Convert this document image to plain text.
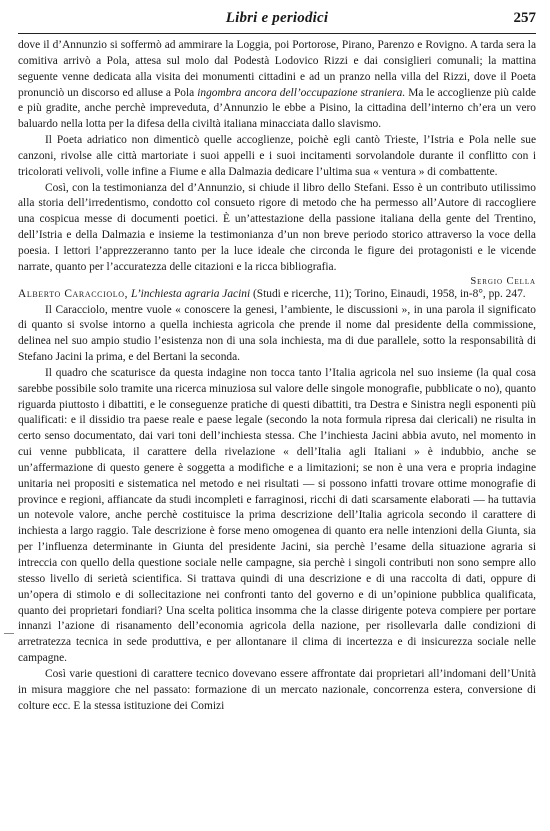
Libri e periodici	257

dove il d’Annunzio si soffermò ad ammirare la Loggia, poi Portorose, Pirano, Parenzo e Rovigno. A tarda sera la comitiva arrivò a Pola, attesa sul molo dal Podestà Lodovico Rizzi e dai consiglieri comunali; la mattina seguente venne dedicata alla visita dei monumenti cittadini e ad un pranzo nella villa del Rizzi, dove il Poeta pronunciò un discorso ed alluse a Pola ingombra ancora dell’occupazione straniera. Ma le accoglienze più calde e più gradite, anche perchè impreveduta, d’Annunzio le ebbe a Pisino, la cittadina dell’interno ch’era un vero baluardo nella lotta per la difesa della civiltà italiana minacciata dallo slavismo.

Il Poeta adriatico non dimenticò quelle accoglienze, poichè egli cantò Trieste, l’Istria e Pola nelle sue canzoni, rivolse alle città martoriate i suoi appelli e i suoi incitamenti sorvolandole durante il conflitto con i tricolorati velivoli, volle infine a Fiume e alla Dalmazia dedicare l’ultima sua « ventura » di combattente.

Così, con la testimonianza del d’Annunzio, si chiude il libro dello Stefani. Esso è un contributo utilissimo alla storia dell’irredentismo, condotto col consueto rigore di metodo che ha permesso all’Autore di raccogliere una cospicua messe di documenti poetici. È un’attestazione della passione italiana della gente del Trentino, dell’Istria e della Dalmazia e insieme la testimonianza d’un non breve periodo storico attraverso la voce della poesia. I lettori l’apprezzeranno tanto per la luce ideale che circonda le figure dei protagonisti e le vicende narrate, quanto per l’accuratezza delle citazioni e la ricca bibliografia.

Sergio Cella

Alberto Caracciolo, L’inchiesta agraria Jacini (Studi e ricerche, 11); Torino, Einaudi, 1958, in-8°, pp. 247.

Il Caracciolo, mentre vuole « conoscere la genesi, l’ambiente, le discussioni », in una parola il significato di quanto si svolse intorno a quella inchiesta agricola che prende il nome dal presidente della commissione, delinea nel suo ampio studio l’esistenza non di una sola inchiesta, ma di due parallele, sotto la responsabilità di Stefano Jacini la prima, e del Bertani la seconda.

Il quadro che scaturisce da questa indagine non tocca tanto l’Italia agricola nel suo insieme (la qual cosa sarebbe possibile solo tramite una ricerca minuziosa sul valore delle singole monografie, pubblicate o no), quanto riguarda piuttosto i dibattiti, e le conseguenze pratiche di questi dibattiti, tra Destra e Sinistra negli esponenti più qualificati: e il dissidio tra paese reale e paese legale (secondo la nota formula ripresa dai clericali) ne risulta in certo senso documentato, dai vari toni dell’inchiesta stessa. Che l’inchiesta Jacini abbia avuto, nel momento in cui venne pubblicata, il carattere della rivelazione « dell’Italia agli Italiani » è indubbio, anche se un’affermazione di questo genere è soggetta a modifiche e a limitazioni; se non è una vera e propria indagine unitaria nei propositi e sistematica nel metodo e nei risultati — si possono infatti trovare ottime monografie di province e regioni, affiancate da studi incompleti e farraginosi, ricchi di dati scarsamente elaborati — ha tuttavia un notevole valore, anche perchè costituisce la prima descrizione dell’Italia agricola secondo il carattere di inchiesta a largo raggio. Tale descrizione è forse meno omogenea di quanto era nelle intenzioni della Giunta, sia per l’influenza determinante in Giunta del presidente Jacini, sia perchè l’esame della situazione agraria si intreccia con quello della questione sociale nelle campagne, sia perchè i singoli contributi non sono sempre allo stesso livello di serietà scientifica. Si trattava quindi di una descrizione e di una raccolta di dati, oppure di un’opera di stimolo e di sollecitazione nei confronti tanto del governo e di un’opinione pubblica qualificata, quanto dei proprietari fondiari? Una scelta politica insomma che la classe dirigente poteva compiere per portare innanzi l’azione di risanamento dell’economia agricola della nazione, per risollevarla dalle condizioni di arretratezza tecnica in sede produttiva, e per allontanare il clima di incertezza e di insicurezza sociale nelle campagne.

—

Così varie questioni di carattere tecnico dovevano essere affrontate dai proprietari all’indomani dell’Unità in misura maggiore che nel passato: formazione di un mercato nazionale, concorrenza estera, conversione di colture ecc. E la stessa istituzione dei Comizi
